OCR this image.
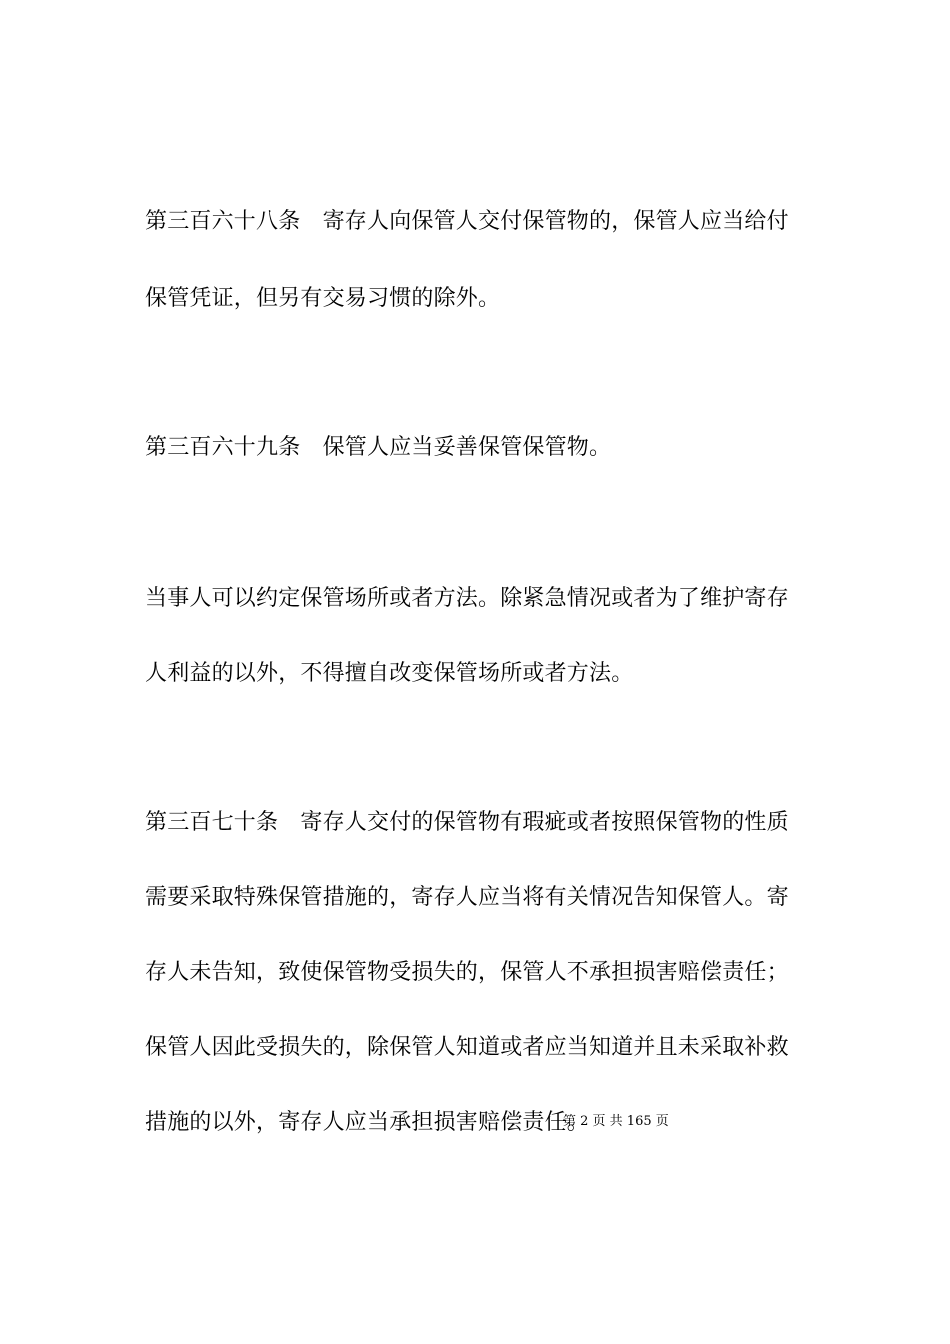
第三百六十八条　寄存人向保管人交付保管物的，保管人应当给付
保管凭证，但另有交易习惯的除外。
第三百六十九条　保管人应当妥善保管保管物。
当事人可以约定保管场所或者方法。除紧急情况或者为了维护寄存
人利益的以外，不得擅自改变保管场所或者方法。
第三百七十条　寄存人交付的保管物有瑕疵或者按照保管物的性质
需要采取特殊保管措施的，寄存人应当将有关情况告知保管人。寄
存人未告知，致使保管物受损失的，保管人不承担损害赔偿责任；
保管人因此受损失的，除保管人知道或者应当知道并且未采取补救
措施的以外，寄存人应当承担损害赔偿责任。
第 2 页 共 165 页
